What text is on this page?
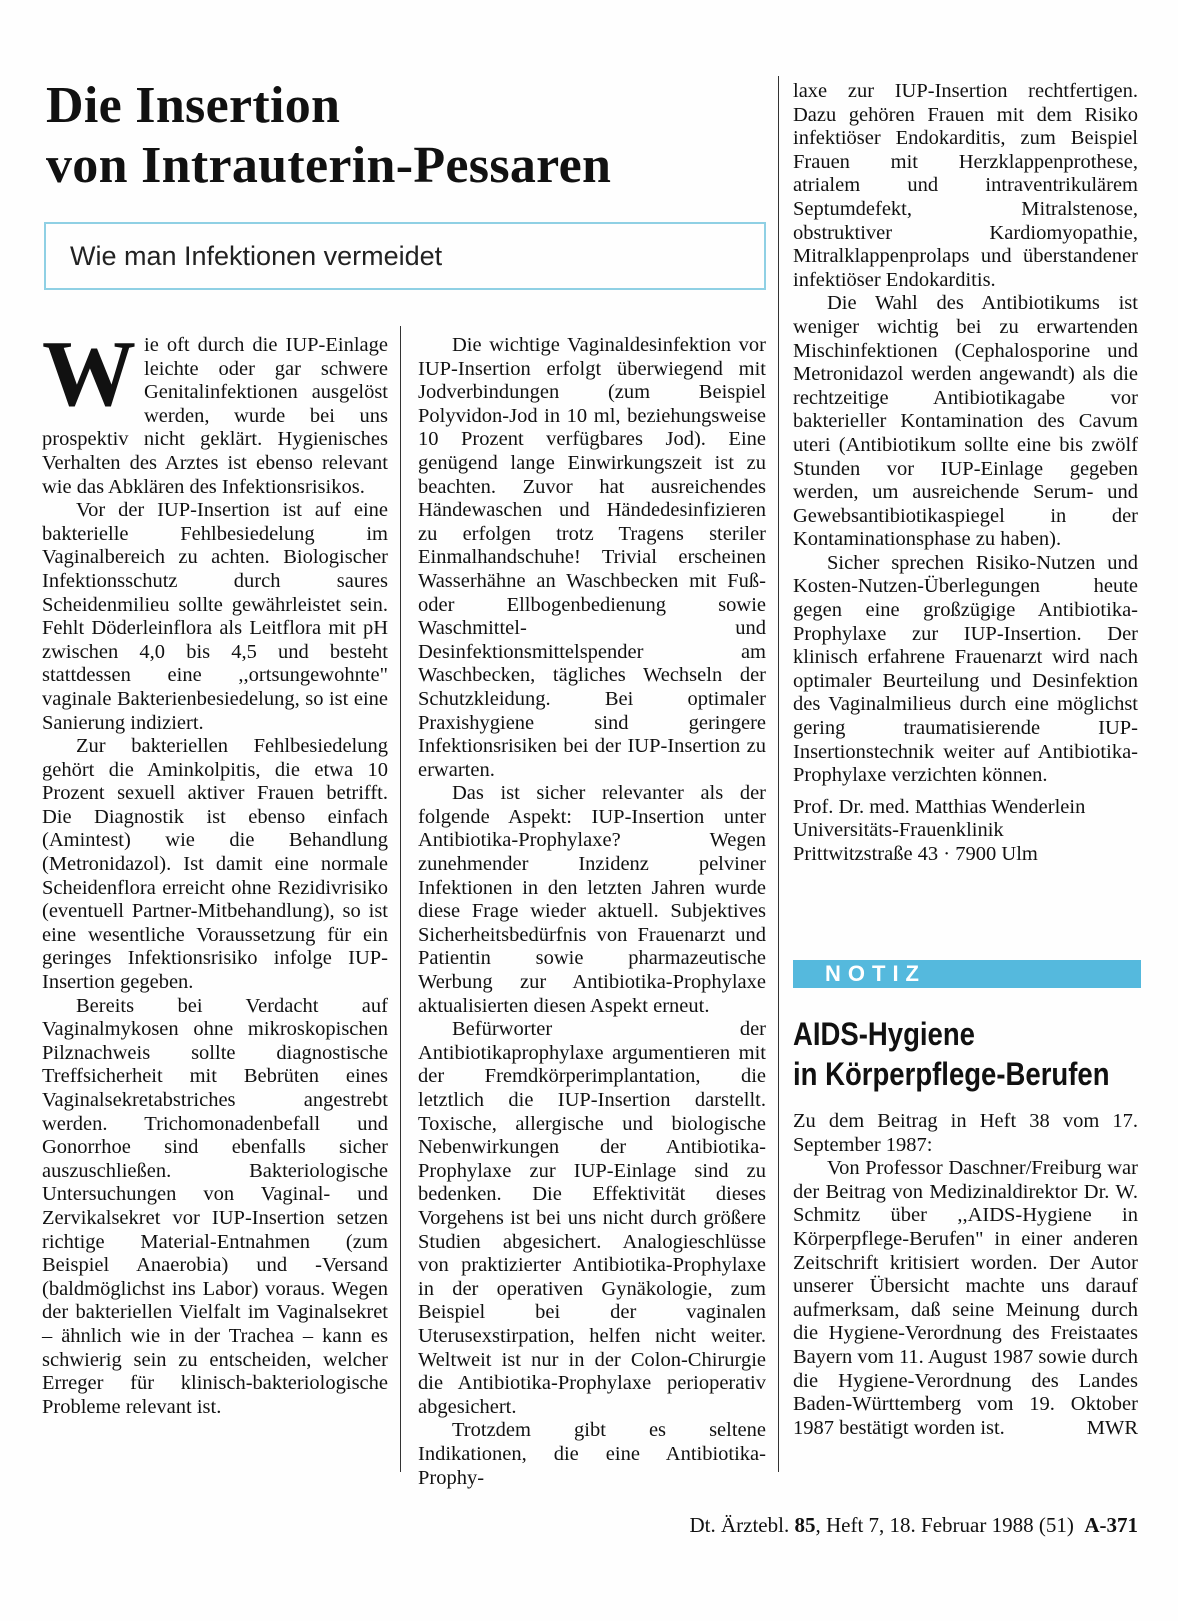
Die Insertion
von Intrauterin-Pessaren
Wie man Infektionen vermeidet

Wie oft durch die IUP-Einlage leichte oder gar schwere Genitalinfektionen ausgelöst werden, wurde bei uns prospektiv nicht geklärt. Hygienisches Verhalten des Arztes ist ebenso relevant wie das Abklären des Infektionsrisikos.

Vor der IUP-Insertion ist auf eine bakterielle Fehlbesiedelung im Vaginalbereich zu achten. Biologischer Infektionsschutz durch saures Scheidenmilieu sollte gewährleistet sein. Fehlt Döderleinflora als Leitflora mit pH zwischen 4,0 bis 4,5 und besteht stattdessen eine ,,ortsungewohnte" vaginale Bakterienbesiedelung, so ist eine Sanierung indiziert.

Zur bakteriellen Fehlbesiedelung gehört die Aminkolpitis, die etwa 10 Prozent sexuell aktiver Frauen betrifft. Die Diagnostik ist ebenso einfach (Amintest) wie die Behandlung (Metronidazol). Ist damit eine normale Scheidenflora erreicht ohne Rezidivrisiko (eventuell Partner-Mitbehandlung), so ist eine wesentliche Voraussetzung für ein geringes Infektionsrisiko infolge IUP-Insertion gegeben.

Bereits bei Verdacht auf Vaginalmykosen ohne mikroskopischen Pilznachweis sollte diagnostische Treffsicherheit mit Bebrüten eines Vaginalsekretabstriches angestrebt werden. Trichomonadenbefall und Gonorrhoe sind ebenfalls sicher auszuschließen. Bakteriologische Untersuchungen von Vaginal- und Zervikalsekret vor IUP-Insertion setzen richtige Material-Entnahmen (zum Beispiel Anaerobia) und -Versand (baldmöglichst ins Labor) voraus. Wegen der bakteriellen Vielfalt im Vaginalsekret – ähnlich wie in der Trachea – kann es schwierig sein zu entscheiden, welcher Erreger für klinisch-bakteriologische Probleme relevant ist.

Die wichtige Vaginaldesinfektion vor IUP-Insertion erfolgt überwiegend mit Jodverbindungen (zum Beispiel Polyvidon-Jod in 10 ml, beziehungsweise 10 Prozent verfügbares Jod). Eine genügend lange Einwirkungszeit ist zu beachten. Zuvor hat ausreichendes Händewaschen und Händedesinfizieren zu erfolgen trotz Tragens steriler Einmalhandschuhe! Trivial erscheinen Wasserhähne an Waschbecken mit Fuß- oder Ellbogenbedienung sowie Waschmittel- und Desinfektionsmittelspender am Waschbecken, tägliches Wechseln der Schutzkleidung. Bei optimaler Praxishygiene sind geringere Infektionsrisiken bei der IUP-Insertion zu erwarten.

Das ist sicher relevanter als der folgende Aspekt: IUP-Insertion unter Antibiotika-Prophylaxe? Wegen zunehmender Inzidenz pelviner Infektionen in den letzten Jahren wurde diese Frage wieder aktuell. Subjektives Sicherheitsbedürfnis von Frauenarzt und Patientin sowie pharmazeutische Werbung zur Antibiotika-Prophylaxe aktualisierten diesen Aspekt erneut.

Befürworter der Antibiotikaprophylaxe argumentieren mit der Fremdkörperimplantation, die letztlich die IUP-Insertion darstellt. Toxische, allergische und biologische Nebenwirkungen der Antibiotika-Prophylaxe zur IUP-Einlage sind zu bedenken. Die Effektivität dieses Vorgehens ist bei uns nicht durch größere Studien abgesichert. Analogieschlüsse von praktizierter Antibiotika-Prophylaxe in der operativen Gynäkologie, zum Beispiel bei der vaginalen Uterusexstirpation, helfen nicht weiter. Weltweit ist nur in der Colon-Chirurgie die Antibiotika-Prophylaxe perioperativ abgesichert.

Trotzdem gibt es seltene Indikationen, die eine Antibiotika-Prophy-

laxe zur IUP-Insertion rechtfertigen. Dazu gehören Frauen mit dem Risiko infektiöser Endokarditis, zum Beispiel Frauen mit Herzklappenprothese, atrialem und intraventrikulärem Septumdefekt, Mitralstenose, obstruktiver Kardiomyopathie, Mitralklappenprolaps und überstandener infektiöser Endokarditis.

Die Wahl des Antibiotikums ist weniger wichtig bei zu erwartenden Mischinfektionen (Cephalosporine und Metronidazol werden angewandt) als die rechtzeitige Antibiotikagabe vor bakterieller Kontamination des Cavum uteri (Antibiotikum sollte eine bis zwölf Stunden vor IUP-Einlage gegeben werden, um ausreichende Serum- und Gewebsantibiotikaspiegel in der Kontaminationsphase zu haben).

Sicher sprechen Risiko-Nutzen und Kosten-Nutzen-Überlegungen heute gegen eine großzügige Antibiotika-Prophylaxe zur IUP-Insertion. Der klinisch erfahrene Frauenarzt wird nach optimaler Beurteilung und Desinfektion des Vaginalmilieus durch eine möglichst gering traumatisierende IUP-Insertionstechnik weiter auf Antibiotika-Prophylaxe verzichten können.

Prof. Dr. med. Matthias Wenderlein
Universitäts-Frauenklinik
Prittwitzstraße 43 · 7900 Ulm
NOTIZ
AIDS-Hygiene
in Körperpflege-Berufen

Zu dem Beitrag in Heft 38 vom 17. September 1987:

Von Professor Daschner/Freiburg war der Beitrag von Medizinaldirektor Dr. W. Schmitz über ,,AIDS-Hygiene in Körperpflege-Berufen" in einer anderen Zeitschrift kritisiert worden. Der Autor unserer Übersicht machte uns darauf aufmerksam, daß seine Meinung durch die Hygiene-Verordnung des Freistaates Bayern vom 11. August 1987 sowie durch die Hygiene-Verordnung des Landes Baden-Württemberg vom 19. Oktober 1987 bestätigt worden ist.	MWR

Dt. Ärztebl. 85, Heft 7, 18. Februar 1988 (51) A-371
